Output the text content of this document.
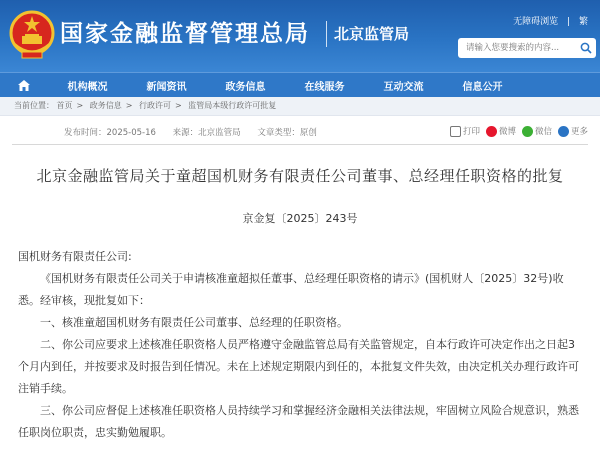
国家金融监督管理总局 北京监管局
无障碍浏览 | 繁
请输入您要搜索的内容...
机构概况	新闻资讯	政务信息	在线服务	互动交流	信息公开
当前位置： 首页 > 政务信息 > 行政许可 > 监管局本级行政许可批复
发布时间：2025-05-16 来源：北京监管局 文章类型：原创	打印 微博 微信 更多
北京金融监管局关于童超国机财务有限责任公司董事、总经理任职资格的批复
京金复〔2025〕243号

国机财务有限责任公司:

《国机财务有限责任公司关于申请核准童超拟任董事、总经理任职资格的请示》(国机财人〔2025〕32号)收悉。经审核，现批复如下：

一、核准童超国机财务有限责任公司董事、总经理的任职资格。

二、你公司应要求上述核准任职资格人员严格遵守金融监管总局有关监管规定，自本行政许可决定作出之日起3个月内到任，并按要求及时报告到任情况。未在上述规定期限内到任的，本批复文件失效，由决定机关办理行政许可注销手续。

三、你公司应督促上述核准任职资格人员持续学习和掌握经济金融相关法律法规，牢固树立风险合规意识，熟悉任职岗位职责，忠实勤勉履职。
